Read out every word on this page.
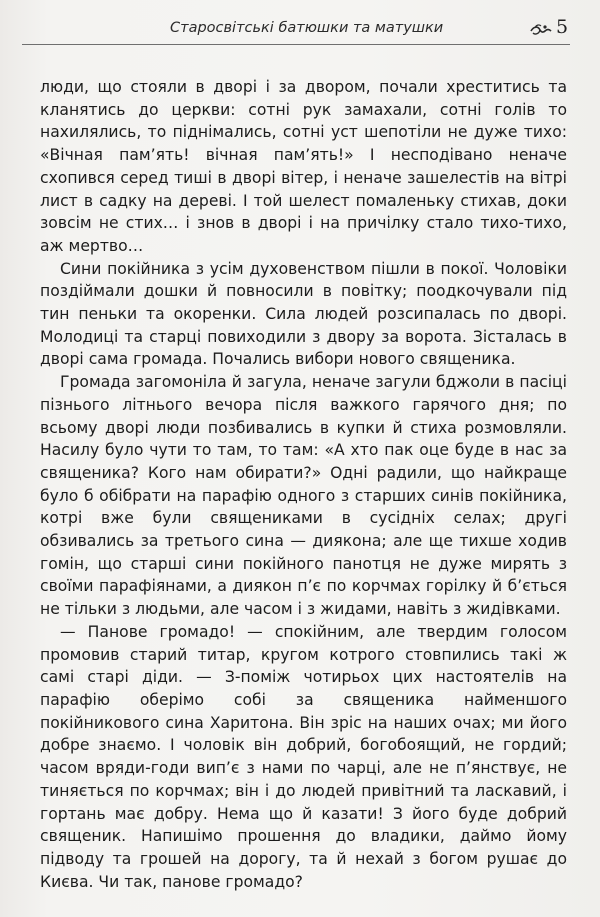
Старосвітські батюшки та матушки	5

люди, що стояли в дворі і за двором, почали хреститись та кланятись до церкви: сотні рук замахали, сотні голів то нахилялись, то піднімались, сотні уст шепотіли не дуже тихо: «Вічная пам’ять! вічная пам’ять!» І несподівано неначе схопився серед тиші в дворі вітер, і неначе зашелестів на вітрі лист в садку на дереві. І той шелест помаленьку стихав, доки зовсім не стих… і знов в дворі і на причілку стало тихо-тихо, аж мертво…

Сини покійника з усім духовенством пішли в покої. Чоловіки поздіймали дошки й повносили в повітку; поодкочували під тин пеньки та окоренки. Сила людей розсипалась по дворі. Молодиці та старці повиходили з двору за ворота. Зісталась в дворі сама громада. Почались вибори нового священика.

Громада загомоніла й загула, неначе загули бджоли в пасіці пізнього літнього вечора після важкого гарячого дня; по всьому дворі люди позбивались в купки й стиха розмовляли. Насилу було чути то там, то там: «А хто пак оце буде в нас за священика? Кого нам обирати?» Одні радили, що найкраще було б обібрати на парафію одного з старших синів покійника, котрі вже були священиками в сусідніх селах; другі обзивались за третього сина — диякона; але ще тихше ходив гомін, що старші сини покійного панотця не дуже мирять з своїми парафіянами, а диякон п’є по корчмах горілку й б’ється не тільки з людьми, але часом і з жидами, навіть з жидівками.

— Панове громадо! — спокійним, але твердим голосом промовив старий титар, кругом котрого стовпились такі ж самі старі діди. — З-поміж чотирьох цих настоятелів на парафію оберімо собі за священика найменшого покійникового сина Харитона. Він зріс на наших очах; ми його добре знаємо. І чоловік він добрий, богобоящий, не гордий; часом вряди-годи вип’є з нами по чарці, але не п’янствує, не тиняється по корчмах; він і до людей привітний та ласкавий, і гортань має добру. Нема що й казати! З його буде добрий священик. Напишімо прошення до владики, даймо йому підводу та грошей на дорогу, та й нехай з богом рушає до Києва. Чи так, панове громадо?
